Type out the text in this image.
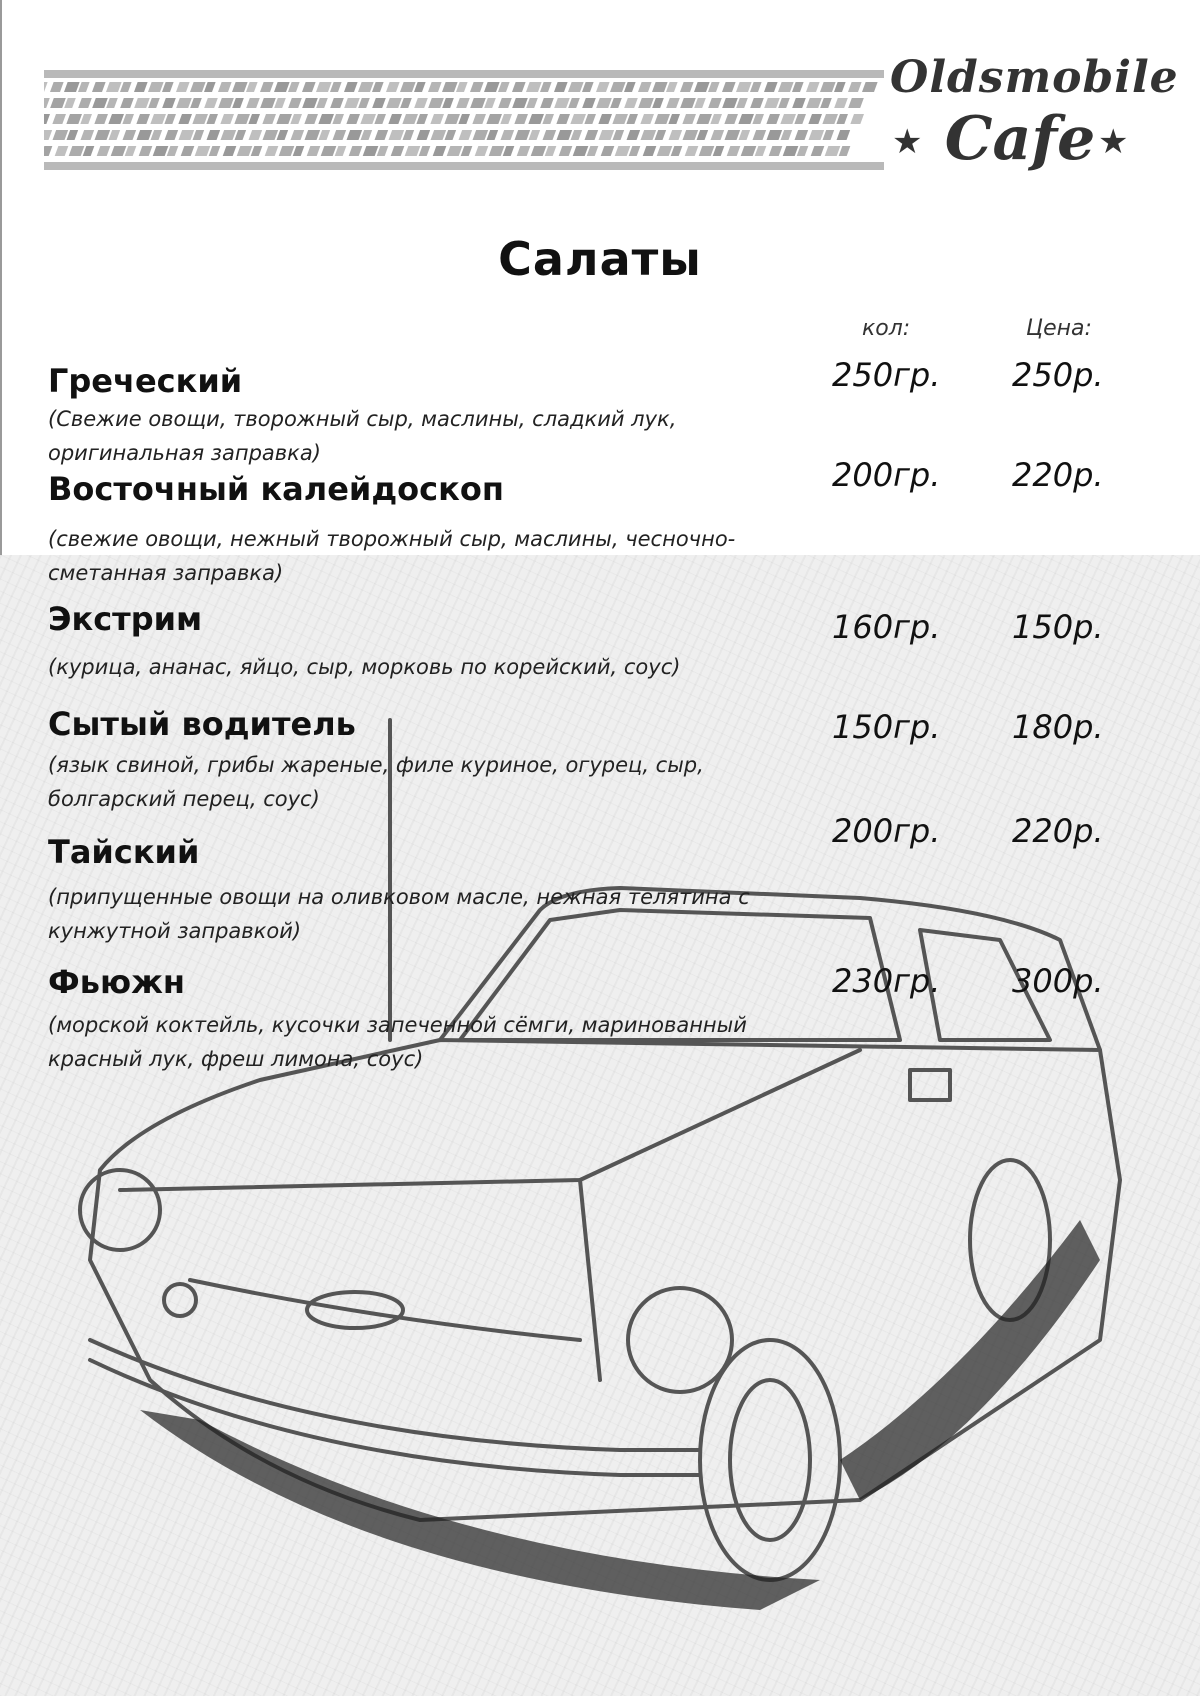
Oldsmobile
★ Cafe ★
Салаты
кол:	Цена:
Греческий
(Свежие овощи, творожный сыр, маслины, сладкий лук, оригинальная заправка)
250гр. 250р.
Восточный калейдоскоп
(свежие овощи, нежный творожный сыр, маслины, чесночно-сметанная заправка)
200гр. 220р.
Экстрим
(курица, ананас, яйцо, сыр, морковь по корейский, соус)
160гр. 150р.
Сытый водитель
(язык свиной, грибы жареные, филе куриное, огурец, сыр, болгарский перец, соус)
150гр. 180р.
Тайский
(припущенные овощи на оливковом масле, нежная телятина с кунжутной заправкой)
200гр. 220р.
Фьюжн
(морской коктейль, кусочки запеченной сёмги, маринованный красный лук, фреш лимона, соус)
230гр. 300р.
